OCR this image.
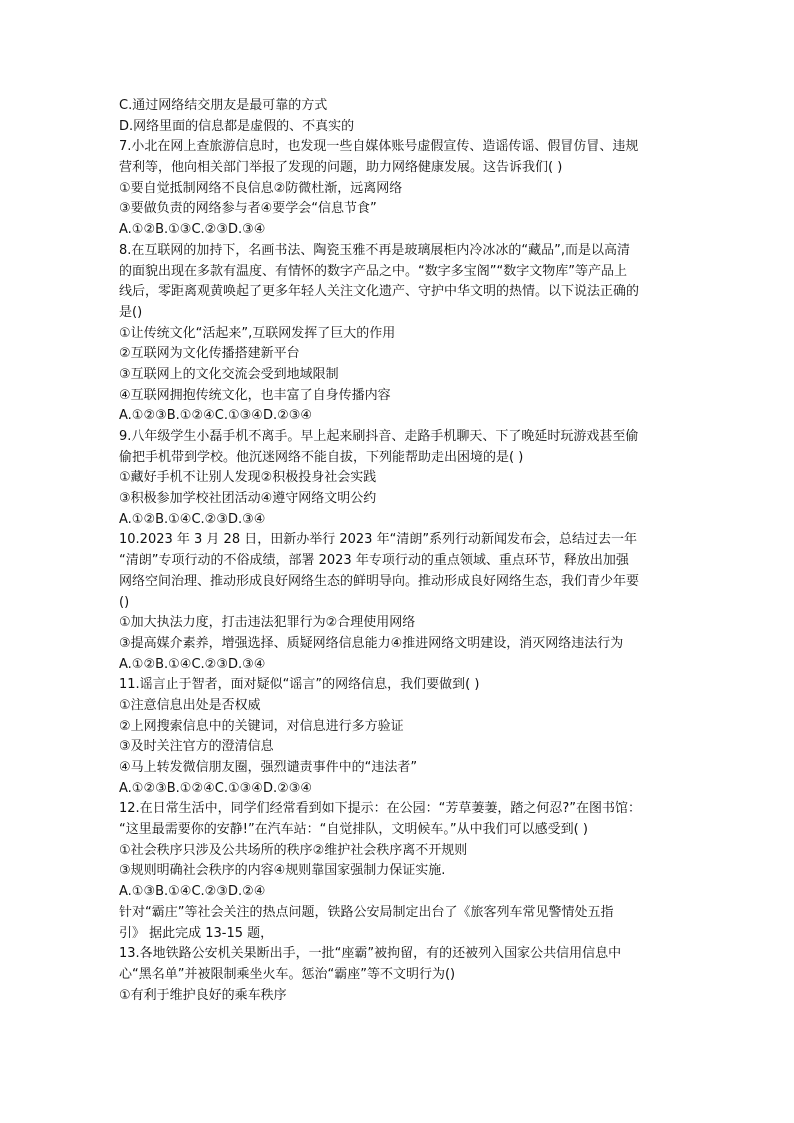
C.通过网络结交朋友是最可靠的方式
D.网络里面的信息都是虚假的、不真实的
7.小北在网上查旅游信息时，也发现一些自媒体账号虚假宣传、造谣传谣、假冒仿冒、违规
营利等，他向相关部门举报了发现的问题，助力网络健康发展。这告诉我们( )
①要自觉抵制网络不良信息②防微杜渐，远离网络
③要做负责的网络参与者④要学会“信息节食”
A.①②B.①③C.②③D.③④
8.在互联网的加持下，名画书法、陶瓷玉雅不再是玻璃展柜内冷冰冰的“藏品”,而是以高清
的面貌出现在多款有温度、有情怀的数字产品之中。“数字多宝阁”“数字文物库”等产品上
线后，零距离观黄唤起了更多年轻人关注文化遗产、守护中华文明的热情。以下说法正确的
是()
①让传统文化“活起来”,互联网发挥了巨大的作用
②互联网为文化传播搭建新平台
③互联网上的文化交流会受到地域限制
④互联网拥抱传统文化，也丰富了自身传播内容
A.①②③B.①②④C.①③④D.②③④
9.八年级学生小磊手机不离手。早上起来刷抖音、走路手机聊天、下了晚延时玩游戏甚至偷
偷把手机带到学校。他沉迷网络不能自拔，下列能帮助走出困境的是( )
①藏好手机不让别人发现②积极投身社会实践
③积极参加学校社团活动④遵守网络文明公约
A.①②B.①④C.②③D.③④
10.2023 年 3 月 28 日，田新办举行 2023 年“清朗”系列行动新闻发布会，总结过去一年
“清朗”专项行动的不俗成绩，部署 2023 年专项行动的重点领域、重点环节，释放出加强
网络空间治理、推动形成良好网络生态的鲜明导向。推动形成良好网络生态，我们青少年要
()
①加大执法力度，打击违法犯罪行为②合理使用网络
③提高媒介素养，增强选择、质疑网络信息能力④推进网络文明建设，消灭网络违法行为
A.①②B.①④C.②③D.③④
11.谣言止于智者，面对疑似“谣言”的网络信息，我们要做到( )
①注意信息出处是否权威
②上网搜索信息中的关键词，对信息进行多方验证
③及时关注官方的澄清信息
④马上转发微信朋友圈，强烈谴责事件中的“违法者”
A.①②③B.①②④C.①③④D.②③④
12.在日常生活中，同学们经常看到如下提示：在公园：“芳草萋萋，踏之何忍?”在图书馆：
“这里最需要你的安静!”在汽车站：“自觉排队，文明候车。”从中我们可以感受到( )
①社会秩序只涉及公共场所的秩序②维护社会秩序离不开规则
③规则明确社会秩序的内容④规则靠国家强制力保证实施.
A.①③B.①④C.②③D.②④
针对“霸庄”等社会关注的热点问题，铁路公安局制定出台了《旅客列车常见警情处五指
引》 据此完成 13-15 题，
13.各地铁路公安机关果断出手，一批“座霸”被拘留，有的还被列入国家公共信用信息中
心“黑名单”并被限制乘坐火车。惩治“霸座”等不文明行为()
①有利于维护良好的乘车秩序
